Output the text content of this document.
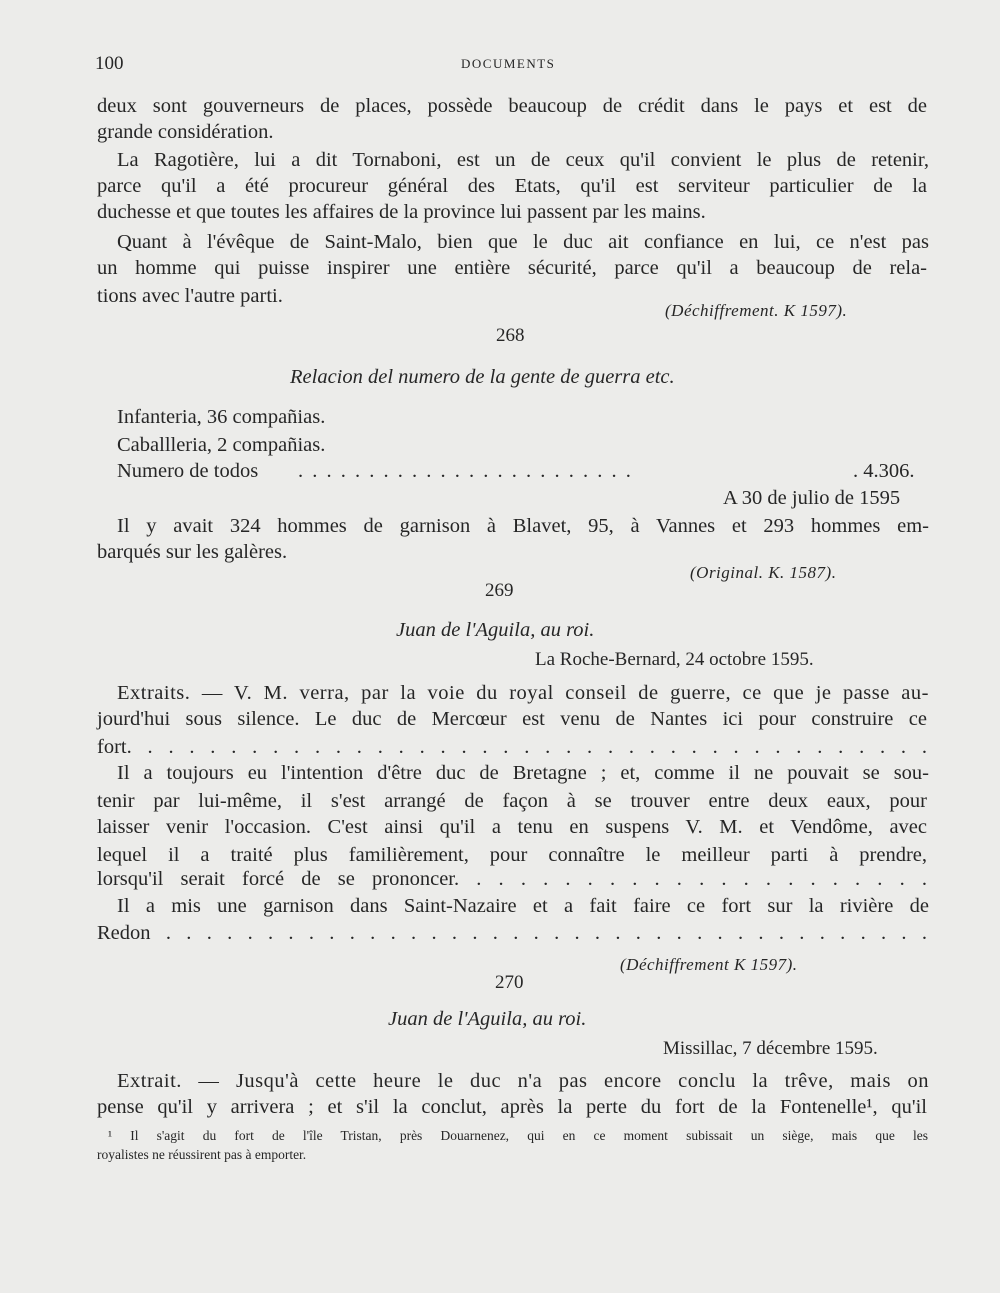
100	DOCUMENTS
deux sont gouverneurs de places, possède beaucoup de crédit dans le pays et est de
grande considération.
La Ragotière, lui a dit Tornaboni, est un de ceux qu'il convient le plus de retenir,
parce qu'il a été procureur général des Etats, qu'il est serviteur particulier de la
duchesse et que toutes les affaires de la province lui passent par les mains.
Quant à l'évêque de Saint-Malo, bien que le duc ait confiance en lui, ce n'est pas
un homme qui puisse inspirer une entière sécurité, parce qu'il a beaucoup de rela-
tions avec l'autre parti.
(Déchiffrement. K 1597).
268
Relacion del numero de la gente de guerra etc.
Infanteria, 36 compañias.
Caballleria, 2 compañias.
Numero de todos . . . . . . . . . . . . . . . . . . . . . . . .	. 4.306.
A 30 de julio de 1595
Il y avait 324 hommes de garnison à Blavet, 95, à Vannes et 293 hommes em-
barqués sur les galères.
(Original. K. 1587).
269
Juan de l'Aguila, au roi.
La Roche-Bernard, 24 octobre 1595.
Extraits. — V. M. verra, par la voie du royal conseil de guerre, ce que je passe au-
jourd'hui sous silence. Le duc de Mercœur est venu de Nantes ici pour construire ce
fort. . . . . . . . . . . . . . . . . . . . . . . . . . . . . . . . . . . . . . .
Il a toujours eu l'intention d'être duc de Bretagne ; et, comme il ne pouvait se sou-
tenir par lui-même, il s'est arrangé de façon à se trouver entre deux eaux, pour
laisser venir l'occasion. C'est ainsi qu'il a tenu en suspens V. M. et Vendôme, avec
lequel il a traité plus familièrement, pour connaître le meilleur parti à prendre,
lorsqu'il serait forcé de se prononcer. . . . . . . . . . . . . . . . . . . . . .
Il a mis une garnison dans Saint-Nazaire et a fait faire ce fort sur la rivière de
Redon . . . . . . . . . . . . . . . . . . . . . . . . . . . . . . . . . . . . . .
(Déchiffrement K 1597).
270
Juan de l'Aguila, au roi.
Missillac, 7 décembre 1595.
Extrait. — Jusqu'à cette heure le duc n'a pas encore conclu la trêve, mais on
pense qu'il y arrivera ; et s'il la conclut, après la perte du fort de la Fontenelle¹, qu'il
¹ Il s'agit du fort de l'île Tristan, près Douarnenez, qui en ce moment subissait un siège, mais que les
royalistes ne réussirent pas à emporter.
